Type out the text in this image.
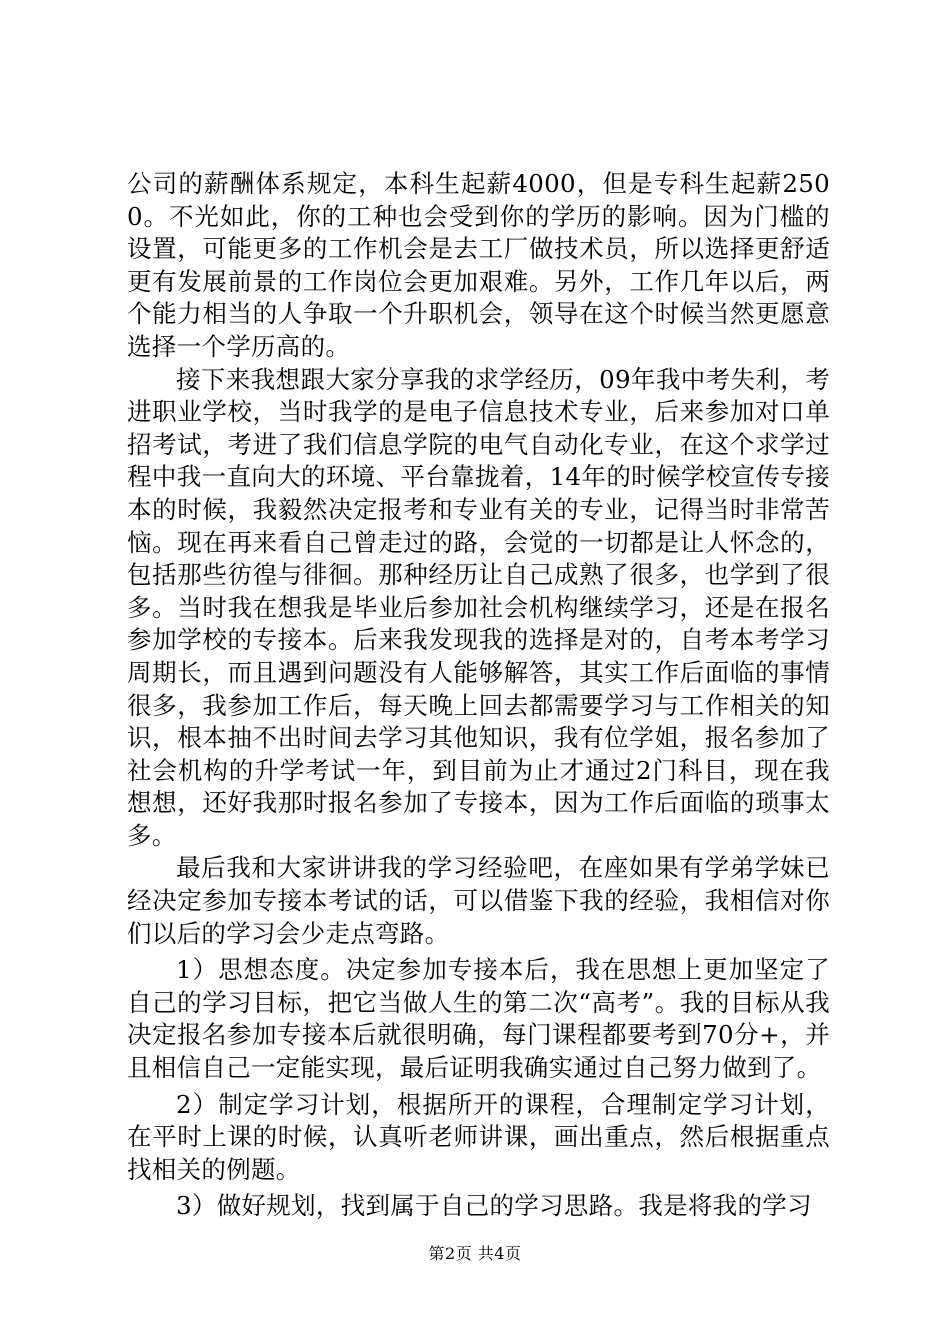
公司的薪酬体系规定，本科生起薪4000，但是专科生起薪2500。不光如此，你的工种也会受到你的学历的影响。因为门槛的设置，可能更多的工作机会是去工厂做技术员，所以选择更舒适更有发展前景的工作岗位会更加艰难。另外，工作几年以后，两个能力相当的人争取一个升职机会，领导在这个时候当然更愿意选择一个学历高的。

接下来我想跟大家分享我的求学经历，09年我中考失利，考进职业学校，当时我学的是电子信息技术专业，后来参加对口单招考试，考进了我们信息学院的电气自动化专业，在这个求学过程中我一直向大的环境、平台靠拢着，14年的时候学校宣传专接本的时候，我毅然决定报考和专业有关的专业，记得当时非常苦恼。现在再来看自己曾走过的路，会觉的一切都是让人怀念的，包括那些彷徨与徘徊。那种经历让自己成熟了很多，也学到了很多。当时我在想我是毕业后参加社会机构继续学习，还是在报名参加学校的专接本。后来我发现我的选择是对的，自考本考学习周期长，而且遇到问题没有人能够解答，其实工作后面临的事情很多，我参加工作后，每天晚上回去都需要学习与工作相关的知识，根本抽不出时间去学习其他知识，我有位学姐，报名参加了社会机构的升学考试一年，到目前为止才通过2门科目，现在我想想，还好我那时报名参加了专接本，因为工作后面临的琐事太多。

最后我和大家讲讲我的学习经验吧，在座如果有学弟学妹已经决定参加专接本考试的话，可以借鉴下我的经验，我相信对你们以后的学习会少走点弯路。

1）思想态度。决定参加专接本后，我在思想上更加坚定了自己的学习目标，把它当做人生的第二次“高考”。我的目标从我决定报名参加专接本后就很明确，每门课程都要考到70分+，并且相信自己一定能实现，最后证明我确实通过自己努力做到了。

2）制定学习计划，根据所开的课程，合理制定学习计划，在平时上课的时候，认真听老师讲课，画出重点，然后根据重点找相关的例题。

3）做好规划，找到属于自己的学习思路。我是将我的学习

第2页 共4页
